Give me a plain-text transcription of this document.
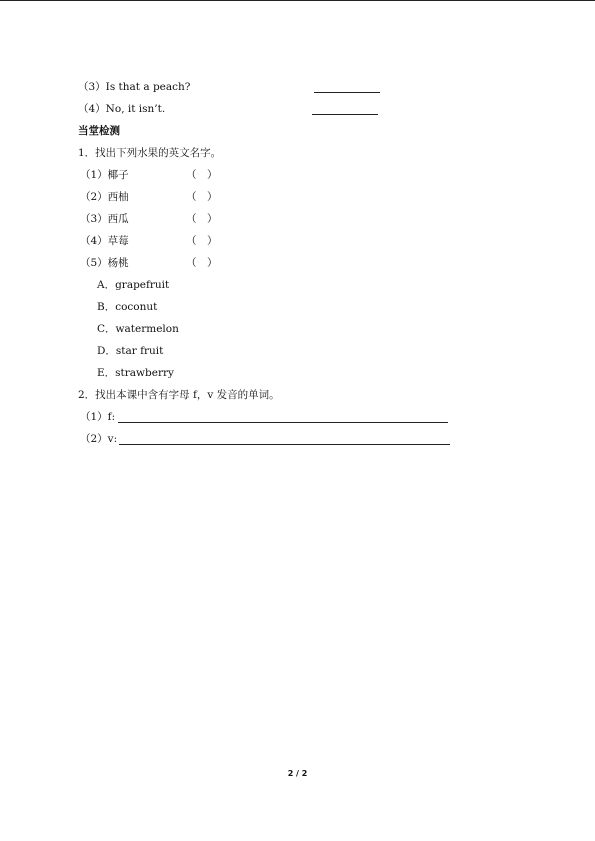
（3）Is that a peach?
（4）No, it isn’t.
当堂检测
1．找出下列水果的英文名字。
（1）椰子	（　）
（2）西柚	（　）
（3）西瓜	（　）
（4）草莓	（　）
（5）杨桃	（　）
A．grapefruit
B．coconut
C．watermelon
D．star fruit
E．strawberry
2．找出本课中含有字母 f，v 发音的单词。
（1）f:
（2）v:
2 / 2
